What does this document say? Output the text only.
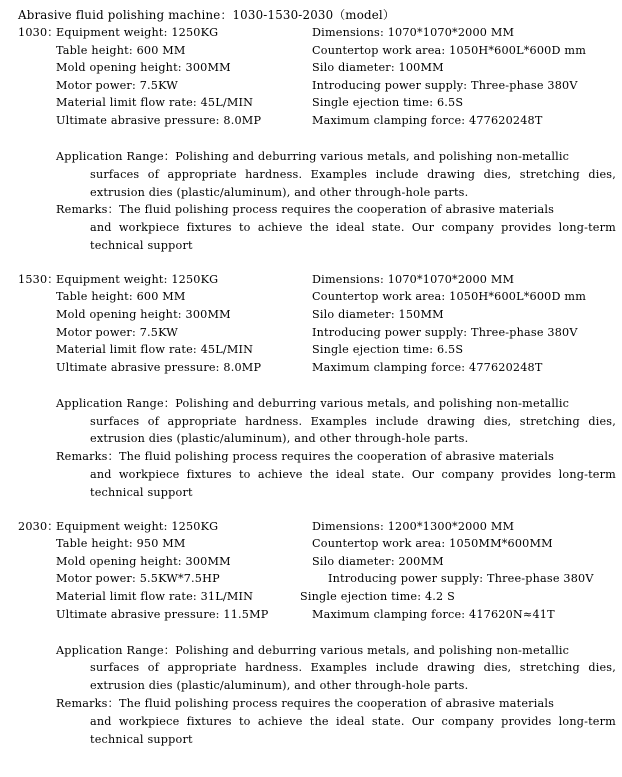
Abrasive fluid polishing machine：1030-1530-2030（model）
1030：
Equipment weight: 1250KG
Table height: 600 MM
Mold opening height: 300MM
Motor power: 7.5KW
Material limit flow rate: 45L/MIN
Ultimate abrasive pressure: 8.0MP
Dimensions: 1070*1070*2000 MM
Countertop work area: 1050H*600L*600D mm
Silo diameter: 100MM
Introducing power supply: Three-phase 380V
Single ejection time: 6.5S
Maximum clamping force: 477620248T
Application Range：Polishing and deburring various metals, and polishing non-metallic
surfaces of appropriate hardness. Examples include drawing dies, stretching dies, extrusion dies (plastic/aluminum), and other through-hole parts.
Remarks：The fluid polishing process requires the cooperation of abrasive materials
and workpiece fixtures to achieve the ideal state. Our company provides long-term technical support
1530：
Equipment weight: 1250KG
Table height: 600 MM
Mold opening height: 300MM
Motor power: 7.5KW
Material limit flow rate: 45L/MIN
Ultimate abrasive pressure: 8.0MP
Dimensions: 1070*1070*2000 MM
Countertop work area: 1050H*600L*600D mm
Silo diameter: 150MM
Introducing power supply: Three-phase 380V
Single ejection time: 6.5S
Maximum clamping force: 477620248T
Application Range：Polishing and deburring various metals, and polishing non-metallic
surfaces of appropriate hardness. Examples include drawing dies, stretching dies, extrusion dies (plastic/aluminum), and other through-hole parts.
Remarks：The fluid polishing process requires the cooperation of abrasive materials
and workpiece fixtures to achieve the ideal state. Our company provides long-term technical support
2030：
Equipment weight: 1250KG
Table height: 950 MM
Mold opening height: 300MM
Motor power: 5.5KW*7.5HP
Material limit flow rate: 31L/MIN
Ultimate abrasive pressure: 11.5MP
Dimensions: 1200*1300*2000 MM
Countertop work area: 1050MM*600MM
Silo diameter: 200MM
Introducing power supply: Three-phase 380V
Single ejection time: 4.2 S
Maximum clamping force: 417620N≈41T
Application Range：Polishing and deburring various metals, and polishing non-metallic
surfaces of appropriate hardness. Examples include drawing dies, stretching dies, extrusion dies (plastic/aluminum), and other through-hole parts.
Remarks：The fluid polishing process requires the cooperation of abrasive materials
and workpiece fixtures to achieve the ideal state. Our company provides long-term technical support
